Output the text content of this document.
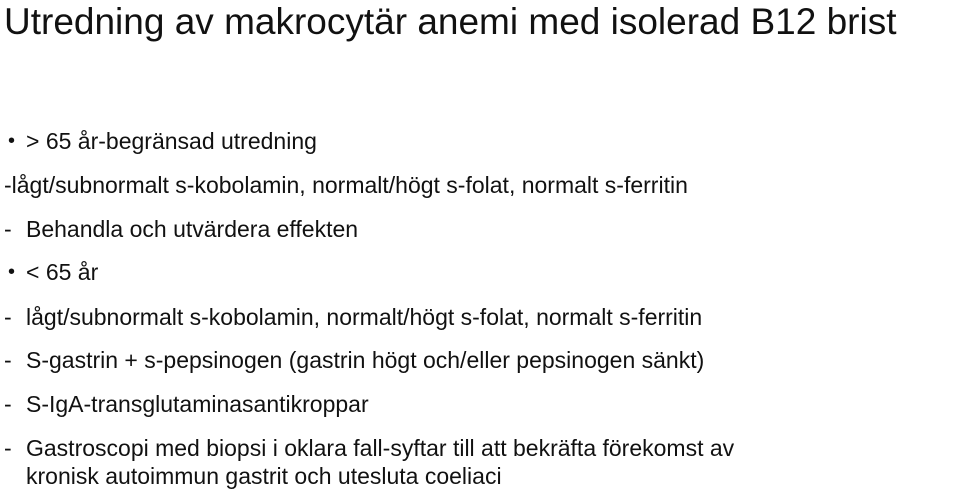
Utredning av makrocytär anemi med isolerad B12 brist
• > 65 år-begränsad utredning
-lågt/subnormalt s-kobolamin, normalt/högt s-folat, normalt s-ferritin
- Behandla och utvärdera effekten
• < 65 år
- lågt/subnormalt s-kobolamin, normalt/högt s-folat, normalt s-ferritin
- S-gastrin + s-pepsinogen (gastrin högt och/eller pepsinogen sänkt)
- S-IgA-transglutaminasantikroppar
- Gastroscopi med biopsi i oklara fall-syftar till att bekräfta förekomst av
kronisk autoimmun gastrit och utesluta coeliaci
